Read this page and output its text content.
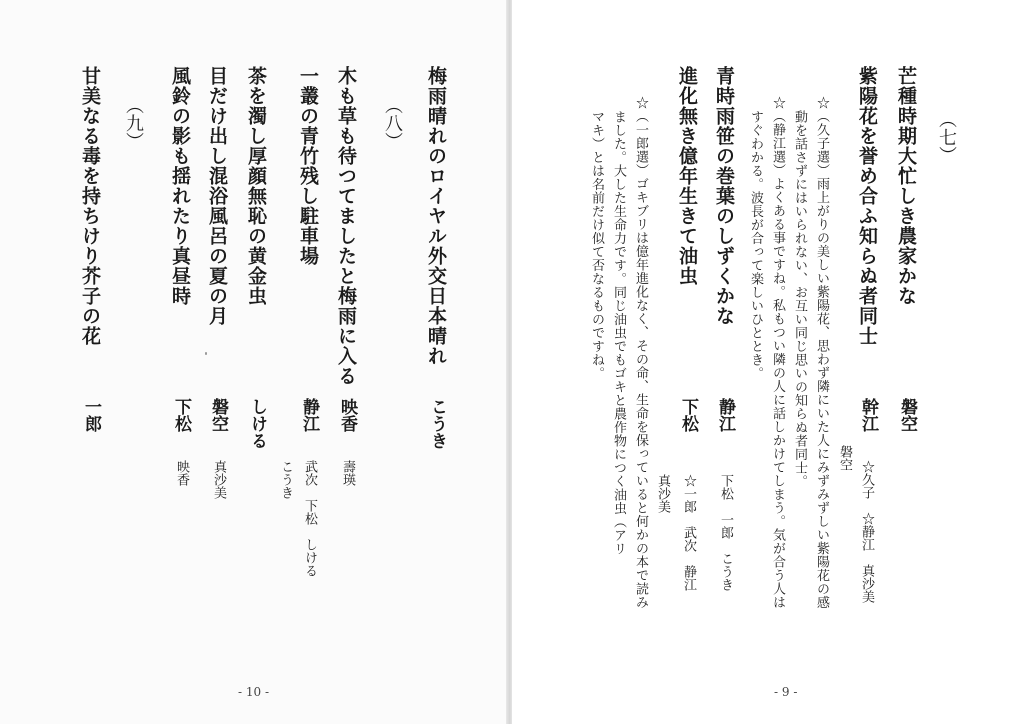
梅雨晴れのロイヤル外交日本晴れ
こうき
（八）
木も草も待つてましたと梅雨に入る
映香
壽瑛
一叢の青竹残し駐車場
静江
武次　下松　しける
こうき
茶を濁し厚顔無恥の黄金虫
しける
目だけ出し混浴風呂の夏の月
磐空
真沙美
風鈴の影も揺れたり真昼時
下松
映香
（九）
甘美なる毒を持ちけり芥子の花
一郎
- 10 -
（七）
芒種時期大忙しき農家かな
磐空
紫陽花を誉め合ふ知らぬ者同士
幹江
☆久子　☆静江　真沙美
磐空
☆（久子選）雨上がりの美しい紫陽花、思わず隣にいた人にみずみずしい紫陽花の感
動を話さずにはいられない、お互い同じ思いの知らぬ者同士。
☆（静江選）よくある事ですね。私もつい隣の人に話しかけてしまう。気が合う人は
すぐわかる。波長が合って楽しいひととき。
青時雨笹の巻葉のしずくかな
静江
下松　一郎　こうき
進化無き億年生きて油虫
下松
☆一郎　武次　静江
真沙美
☆（一郎選）ゴキブリは億年進化なく、その命、生命を保っていると何かの本で読み
ました。大した生命力です。同じ油虫でもゴキと農作物につく油虫（アリ
マキ）とは名前だけ似て否なるものですね。
- 9 -
